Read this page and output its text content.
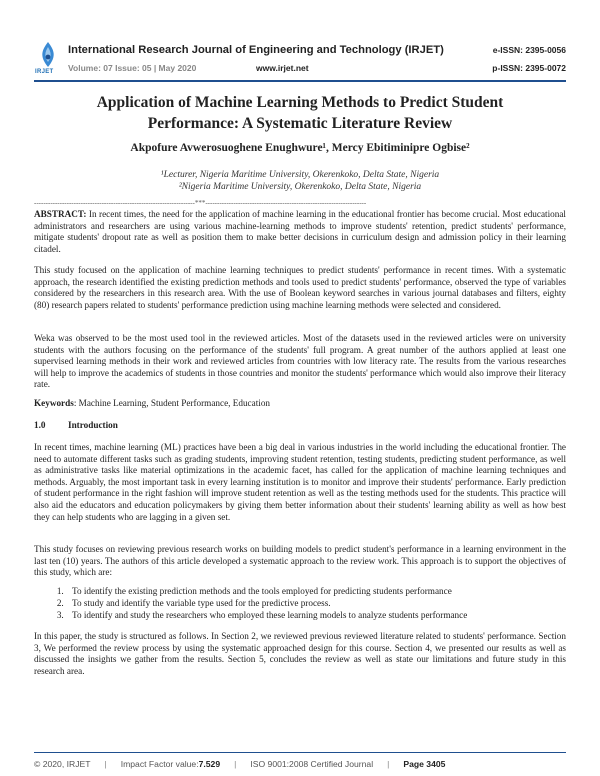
IRJET
International Research Journal of Engineering and Technology (IRJET)
Volume: 07 Issue: 05 | May 2020	www.irjet.net
e-ISSN: 2395-0056
p-ISSN: 2395-0072
Application of Machine Learning Methods to Predict Student
Performance: A Systematic Literature Review
Akpofure Avwerosuoghene Enughwure¹, Mercy Ebitiminipre Ogbise²
¹Lecturer, Nigeria Maritime University, Okerenkoko, Delta State, Nigeria
²Nigeria Maritime University, Okerenkoko, Delta State, Nigeria
---------------------------------------------------------------------***---------------------------------------------------------------------
ABSTRACT: In recent times, the need for the application of machine learning in the educational frontier has become crucial. Most educational administrators and researchers are using various machine-learning methods to improve students' retention, predict students' performance, mitigate students' dropout rate as well as position them to make better decisions in curriculum design and admission policy in their learning citadel.
This study focused on the application of machine learning techniques to predict students' performance in recent times. With a systematic approach, the research identified the existing prediction methods and tools used to predict students' performance, observed the type of variables considered by the researchers in this research area. With the use of Boolean keyword searches in various journal databases and filters, eighty (80) research papers related to students' performance prediction using machine learning methods were selected and considered.
Weka was observed to be the most used tool in the reviewed articles. Most of the datasets used in the reviewed articles were on university students with the authors focusing on the performance of the students' full program. A great number of the authors applied at least one supervised learning methods in their work and reviewed articles from countries with low literacy rate. The results from the various researches will help to improve the academics of students in those countries and monitor the students' performance which would also improve their literacy rate.
Keywords: Machine Learning, Student Performance, Education
1.0 Introduction
In recent times, machine learning (ML) practices have been a big deal in various industries in the world including the educational frontier. The need to automate different tasks such as grading students, improving student retention, testing students, predicting student performance, as well as administrative tasks like material optimizations in the academic facet, has called for the application of machine learning techniques and methods. Arguably, the most important task in every learning institution is to monitor and improve their students' performance. Early prediction of student performance in the right fashion will improve student retention as well as the testing methods used for the students. This practice will also aid the educators and education policymakers by giving them better information about their students' learning ability as well as how best they can help students who are lagging in a given set.
This study focuses on reviewing previous research works on building models to predict student's performance in a learning environment in the last ten (10) years. The authors of this article developed a systematic approach to the review work. This approach is to support the objectives of this study, which are:
1. To identify the existing prediction methods and the tools employed for predicting students performance
2. To study and identify the variable type used for the predictive process.
3. To identify and study the researchers who employed these learning models to analyze students performance
In this paper, the study is structured as follows. In Section 2, we reviewed previous reviewed literature related to students' performance. Section 3, We performed the review process by using the systematic approached design for this course. Section 4, we presented our results as well as discussed the insights we gather from the results. Section 5, concludes the review as well as state our limitations and future study in this research area.
© 2020, IRJET | Impact Factor value:7.529 | ISO 9001:2008 Certified Journal | Page 3405
